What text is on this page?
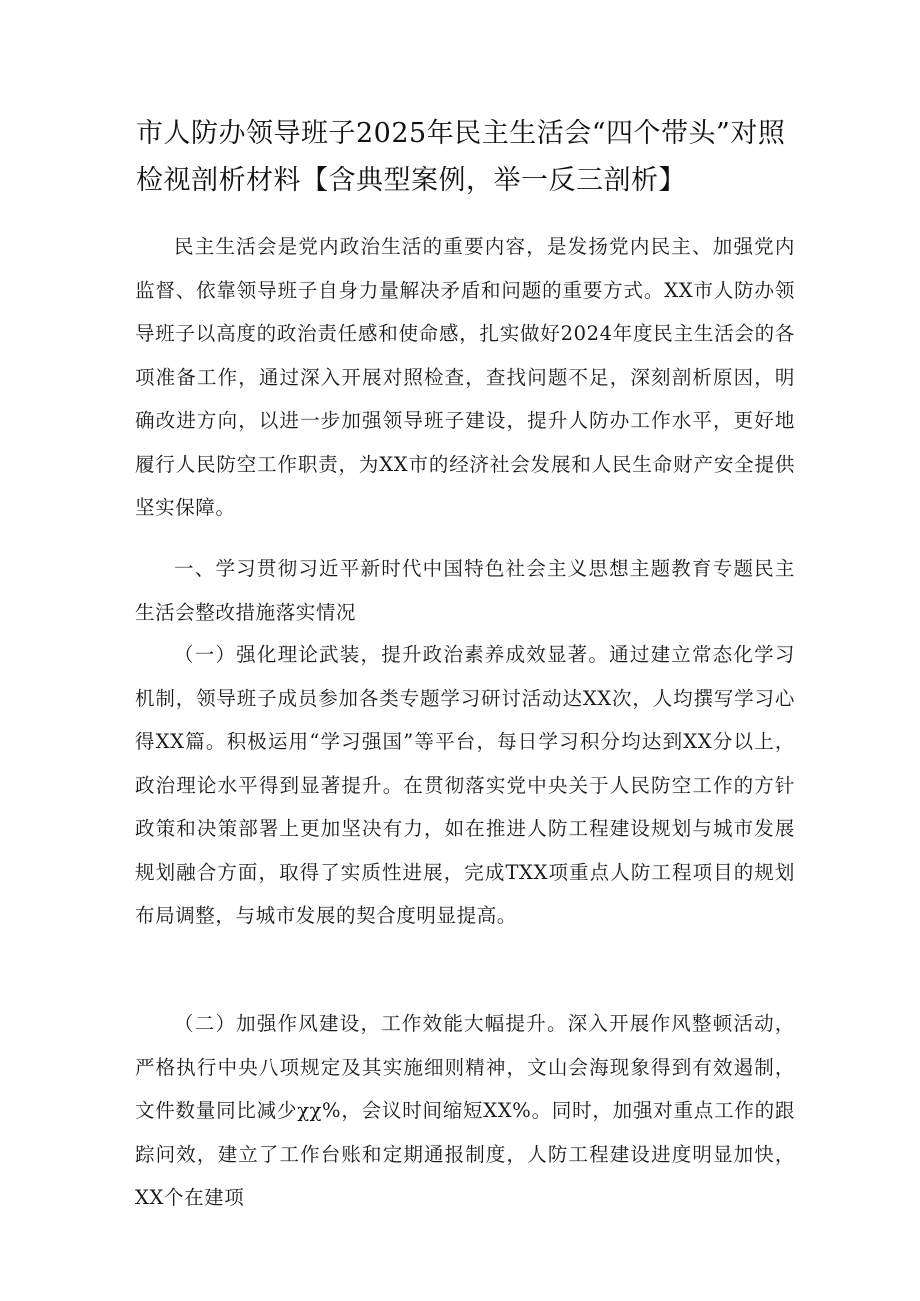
市人防办领导班子2025年民主生活会“四个带头”对照检视剖析材料【含典型案例，举一反三剖析】

民主生活会是党内政治生活的重要内容，是发扬党内民主、加强党内监督、依靠领导班子自身力量解决矛盾和问题的重要方式。XX市人防办领导班子以高度的政治责任感和使命感，扎实做好2024年度民主生活会的各项准备工作，通过深入开展对照检查，查找问题不足，深刻剖析原因，明确改进方向，以进一步加强领导班子建设，提升人防办工作水平，更好地履行人民防空工作职责，为XX市的经济社会发展和人民生命财产安全提供坚实保障。

一、学习贯彻习近平新时代中国特色社会主义思想主题教育专题民主生活会整改措施落实情况

（一）强化理论武装，提升政治素养成效显著。通过建立常态化学习机制，领导班子成员参加各类专题学习研讨活动达XX次，人均撰写学习心得XX篇。积极运用“学习强国”等平台，每日学习积分均达到XX分以上，政治理论水平得到显著提升。在贯彻落实党中央关于人民防空工作的方针政策和决策部署上更加坚决有力，如在推进人防工程建设规划与城市发展规划融合方面，取得了实质性进展，完成TXX项重点人防工程项目的规划布局调整，与城市发展的契合度明显提高。

（二）加强作风建设，工作效能大幅提升。深入开展作风整顿活动，严格执行中央八项规定及其实施细则精神，文山会海现象得到有效遏制，文件数量同比减少χχ%，会议时间缩短XX%。同时，加强对重点工作的跟踪问效，建立了工作台账和定期通报制度，人防工程建设进度明显加快，XX个在建项
